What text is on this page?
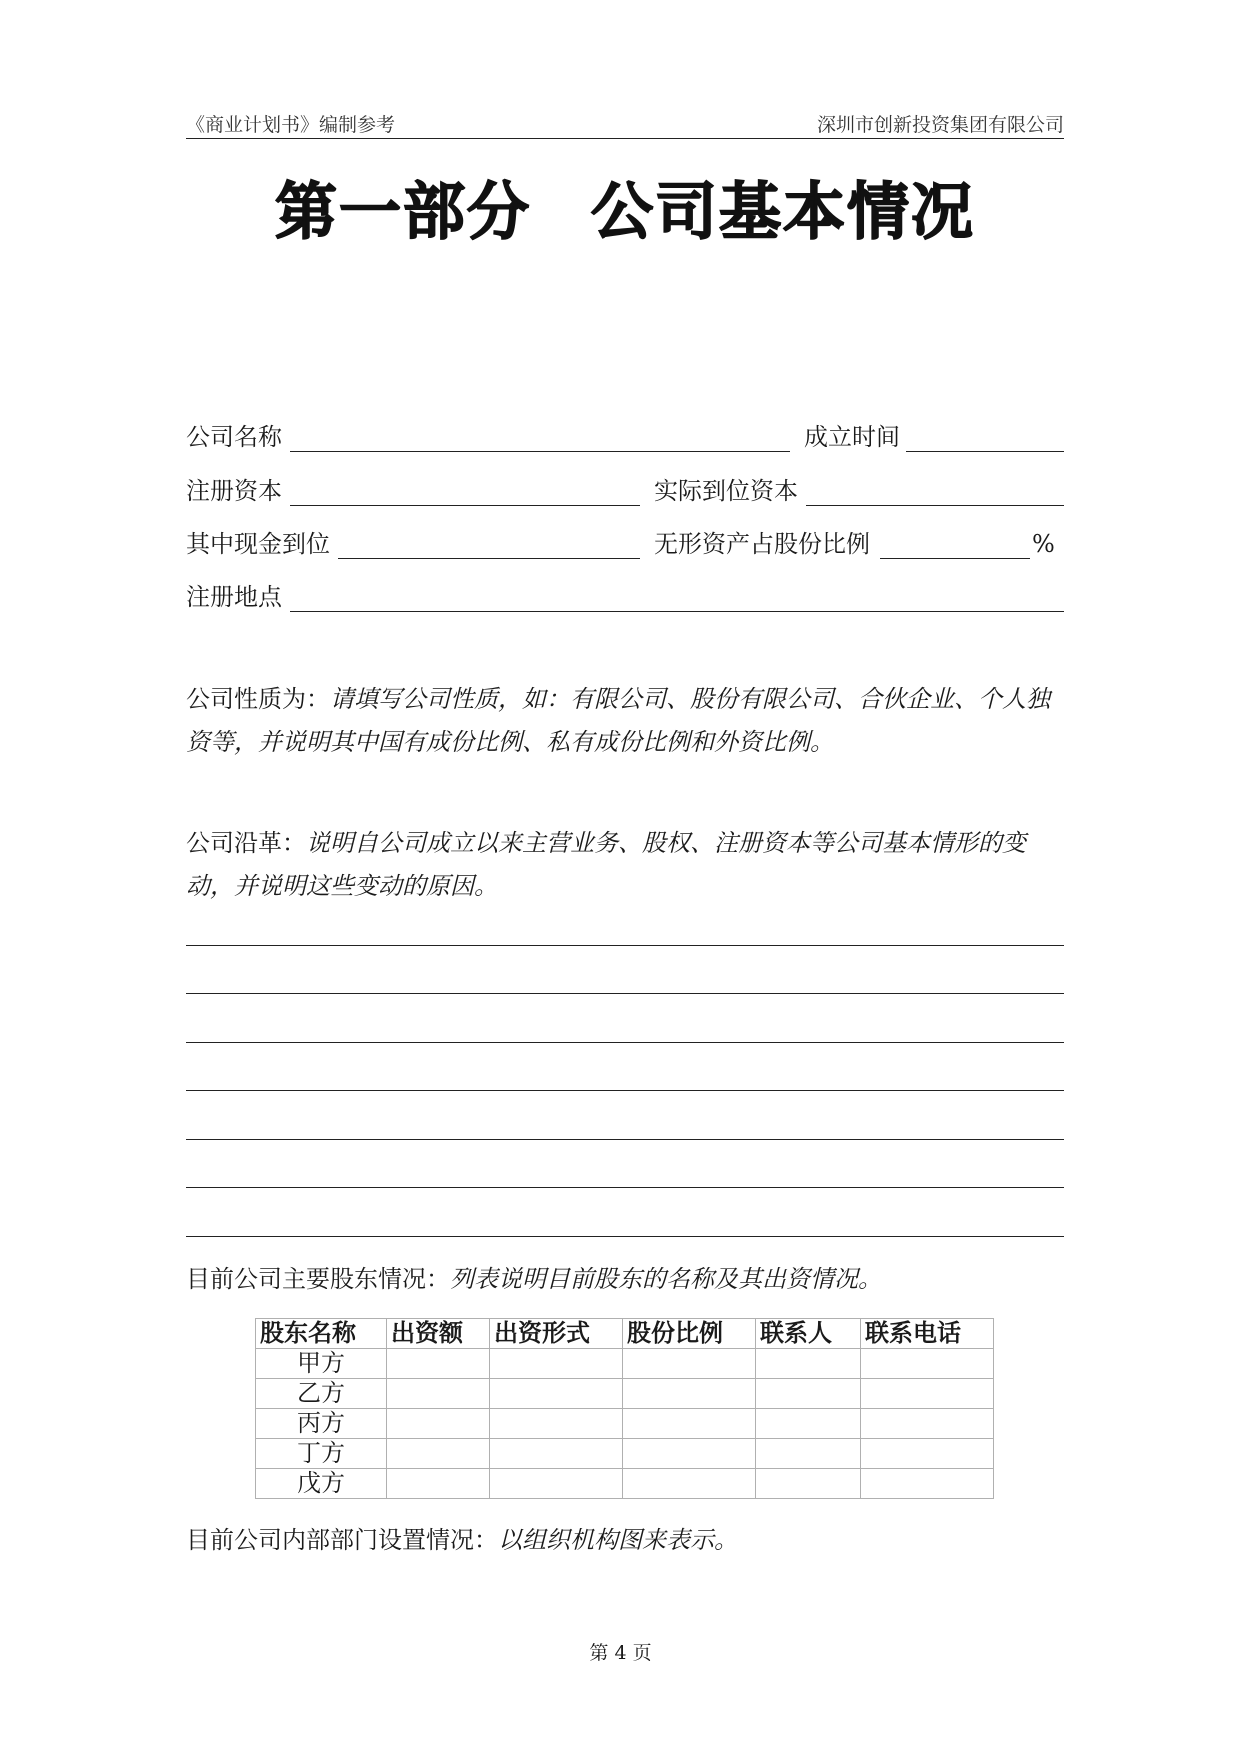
《商业计划书》编制参考	深圳市创新投资集团有限公司
第一部分 公司基本情况
公司名称	成立时间
注册资本	实际到位资本
其中现金到位	无形资产占股份比例	%
注册地点
公司性质为：请填写公司性质，如：有限公司、股份有限公司、合伙企业、个人独资等，并说明其中国有成份比例、私有成份比例和外资比例。
公司沿革：说明自公司成立以来主营业务、股权、注册资本等公司基本情形的变动，并说明这些变动的原因。
目前公司主要股东情况：列表说明目前股东的名称及其出资情况。
股东名称	出资额	出资形式	股份比例	联系人	联系电话
甲方					
乙方					
丙方					
丁方					
戊方					
目前公司内部部门设置情况：以组织机构图来表示。
第 4 页
